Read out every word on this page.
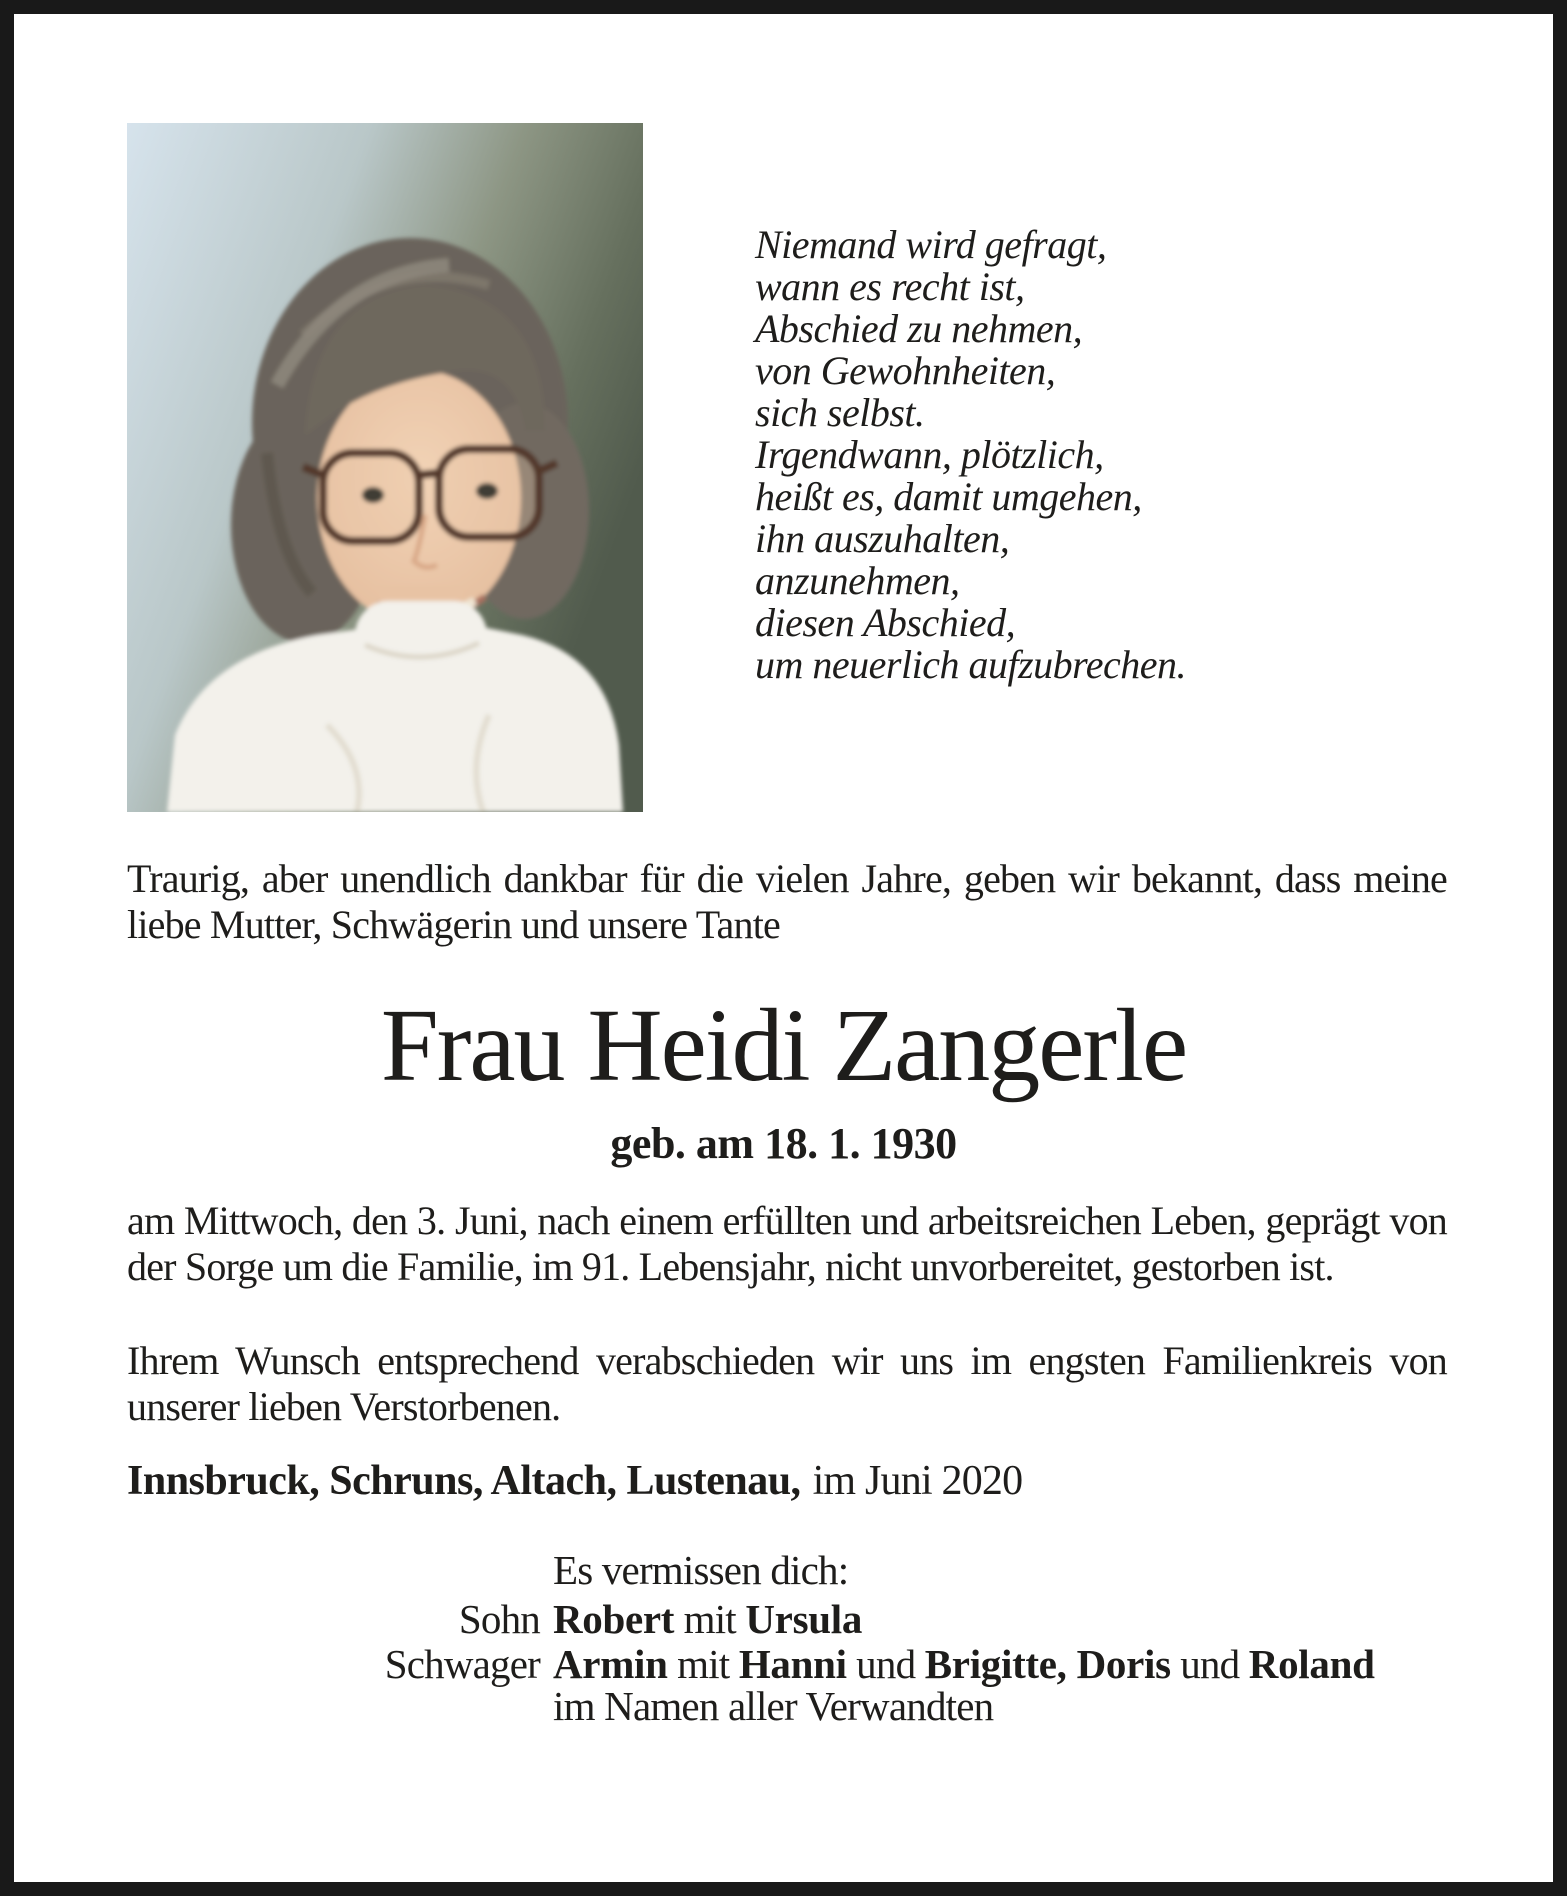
Niemand wird gefragt,
wann es recht ist,
Abschied zu nehmen,
von Gewohnheiten,
sich selbst.
Irgendwann, plötzlich,
heißt es, damit umgehen,
ihn auszuhalten,
anzunehmen,
diesen Abschied,
um neuerlich aufzubrechen.
Traurig, aber unendlich dankbar für die vielen Jahre, geben wir bekannt, dass meine liebe Mutter, Schwägerin und unsere Tante
Frau Heidi Zangerle
geb. am 18. 1. 1930
am Mittwoch, den 3. Juni, nach einem erfüllten und arbeitsreichen Leben, geprägt von der Sorge um die Familie, im 91. Lebensjahr, nicht unvorbereitet, gestorben ist.
Ihrem Wunsch entsprechend verabschieden wir uns im engsten Familienkreis von unserer lieben Verstorbenen.
Innsbruck, Schruns, Altach, Lustenau, im Juni 2020
Es vermissen dich:
Sohn Robert mit Ursula
Schwager Armin mit Hanni und Brigitte, Doris und Roland
im Namen aller Verwandten
